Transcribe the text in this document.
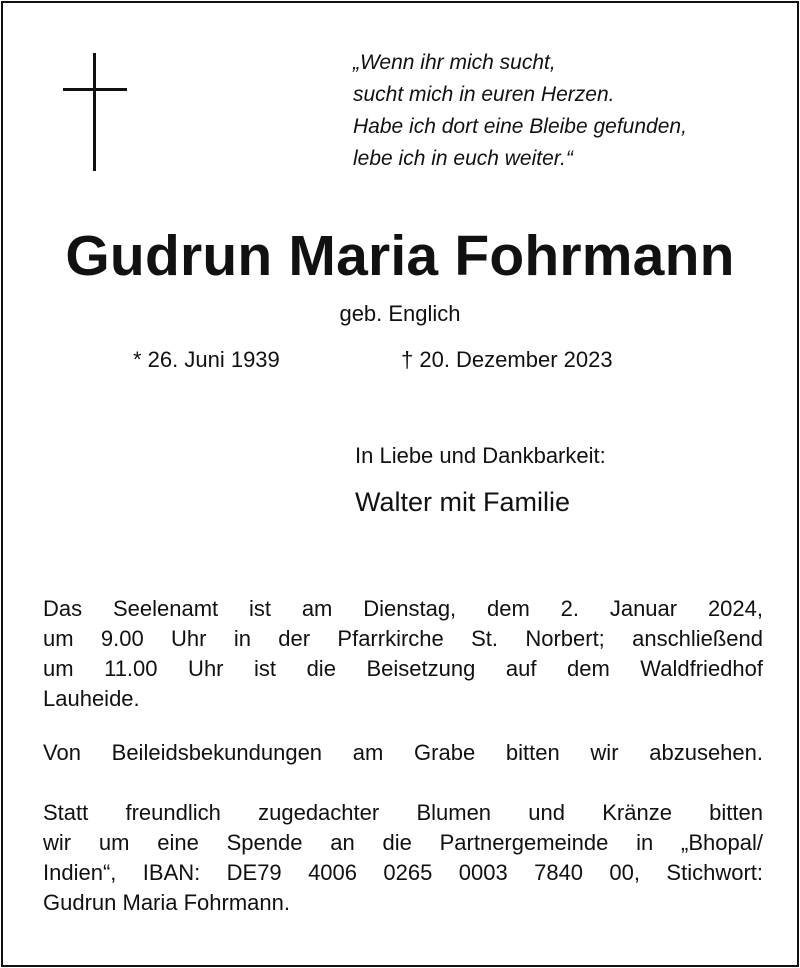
„Wenn ihr mich sucht,
sucht mich in euren Herzen.
Habe ich dort eine Bleibe gefunden,
lebe ich in euch weiter.“
Gudrun Maria Fohrmann
geb. Englich
* 26. Juni 1939	† 20. Dezember 2023
In Liebe und Dankbarkeit:
Walter mit Familie

Das Seelenamt ist am Dienstag, dem 2. Januar 2024,
um 9.00 Uhr in der Pfarrkirche St. Norbert; anschließend
um 11.00 Uhr ist die Beisetzung auf dem Waldfriedhof
Lauheide.

Von Beileidsbekundungen am Grabe bitten wir abzusehen.

Statt freundlich zugedachter Blumen und Kränze bitten
wir um eine Spende an die Partnergemeinde in „Bhopal/
Indien“, IBAN: DE79 4006 0265 0003 7840 00, Stichwort:
Gudrun Maria Fohrmann.
